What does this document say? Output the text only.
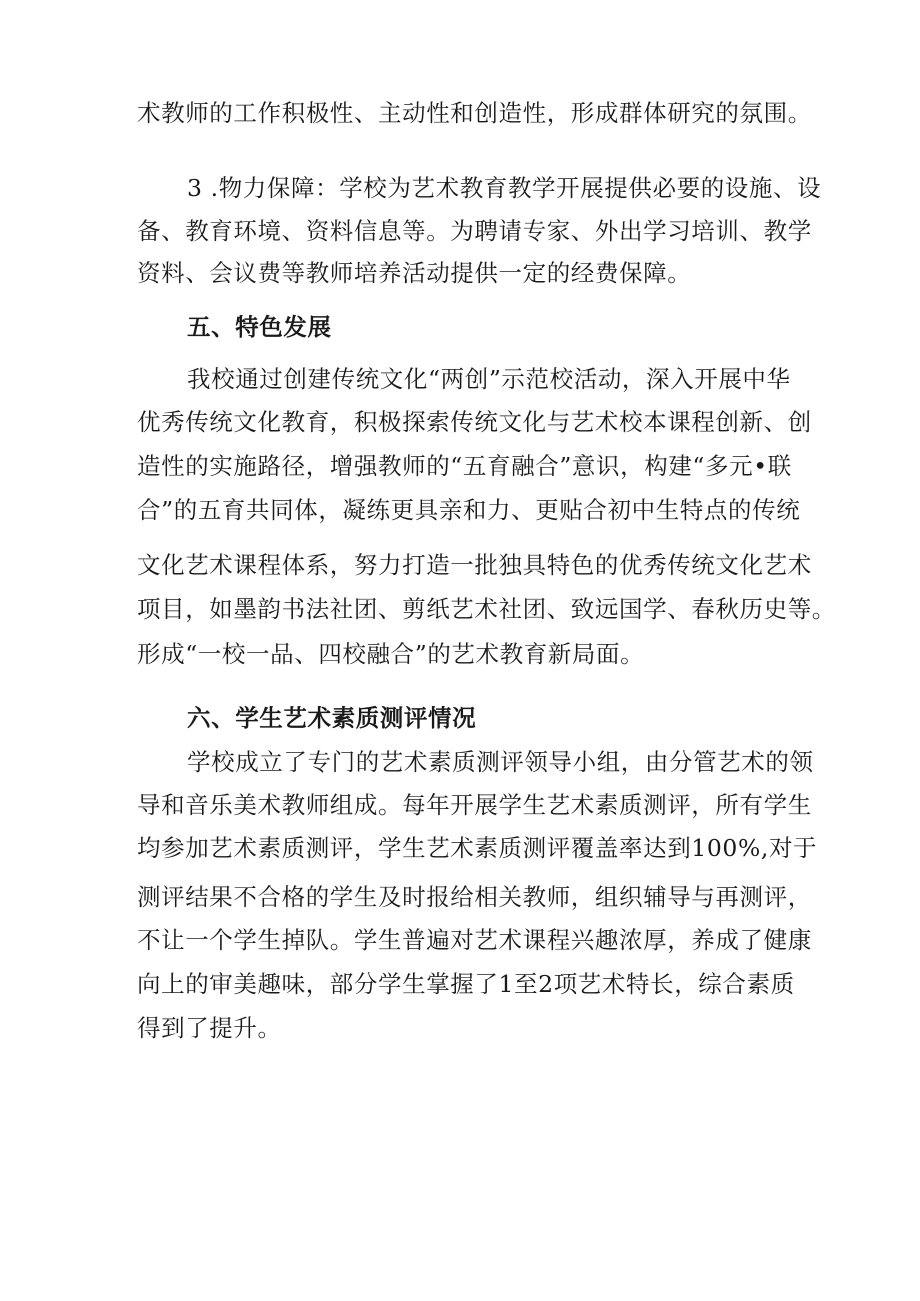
术教师的工作积极性、主动性和创造性，形成群体研究的氛围。
3 .物力保障：学校为艺术教育教学开展提供必要的设施、设
备、教育环境、资料信息等。为聘请专家、外出学习培训、教学
资料、会议费等教师培养活动提供一定的经费保障。
五、特色发展
我校通过创建传统文化“两创”示范校活动，深入开展中华
优秀传统文化教育，积极探索传统文化与艺术校本课程创新、创
造性的实施路径，增强教师的“五育融合”意识，构建“多元•联
合”的五育共同体，凝练更具亲和力、更贴合初中生特点的传统
文化艺术课程体系，努力打造一批独具特色的优秀传统文化艺术
项目，如墨韵书法社团、剪纸艺术社团、致远国学、春秋历史等。
形成“一校一品、四校融合”的艺术教育新局面。
六、学生艺术素质测评情况
学校成立了专门的艺术素质测评领导小组，由分管艺术的领
导和音乐美术教师组成。每年开展学生艺术素质测评，所有学生
均参加艺术素质测评，学生艺术素质测评覆盖率达到100%,对于
测评结果不合格的学生及时报给相关教师，组织辅导与再测评，
不让一个学生掉队。学生普遍对艺术课程兴趣浓厚，养成了健康
向上的审美趣味，部分学生掌握了1至2项艺术特长，综合素质
得到了提升。
